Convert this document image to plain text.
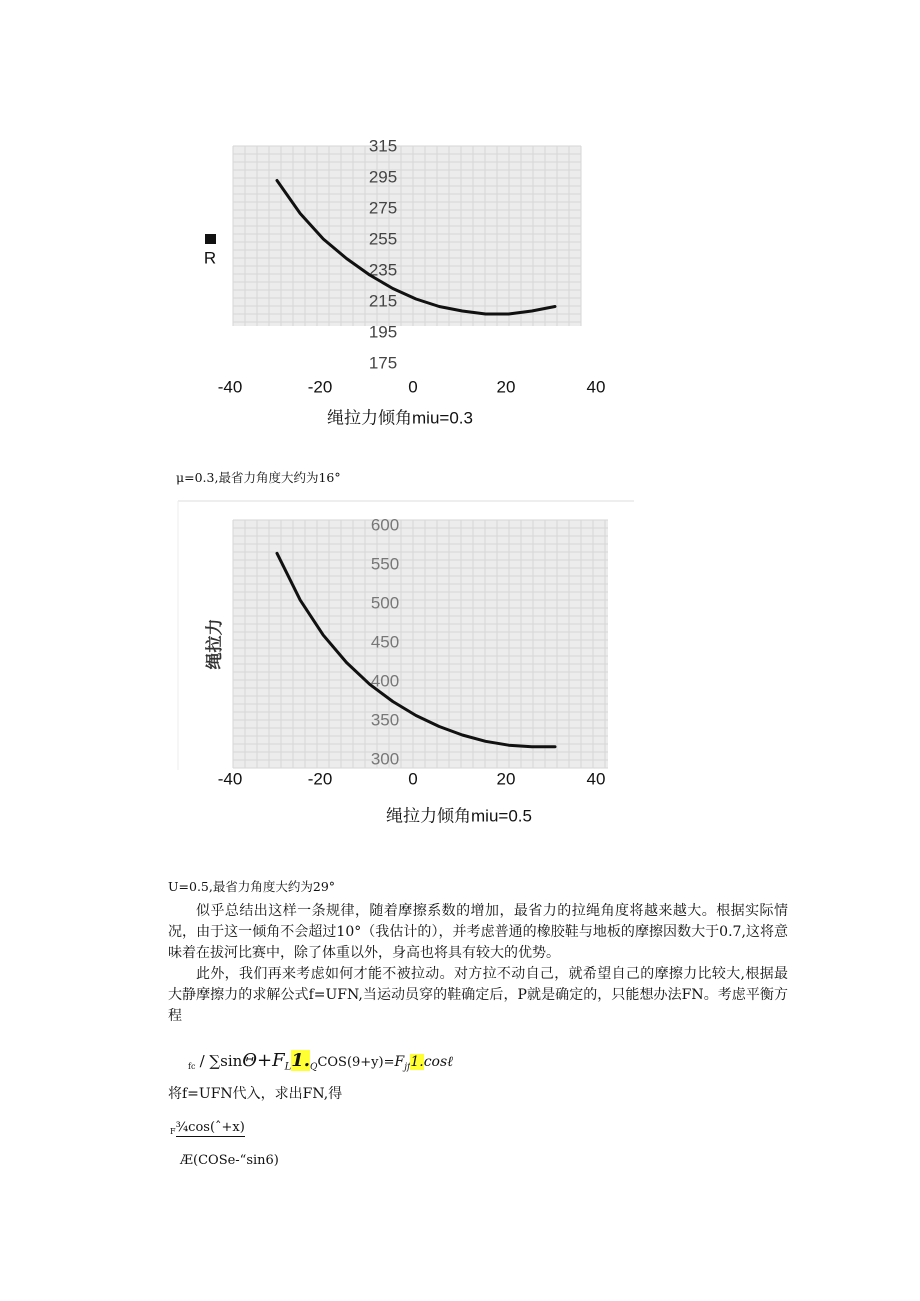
315
295
275
255
235
215
195
175
-40	-20	0	20	40
绳拉力倾角miu=0.3
R
600
550
500
450
400
350
300
-40	-20	0	20	40
绳拉力倾角miu=0.5
绳拉力
μ=0.3,最省力角度大约为16°
U=0.5,最省力角度大约为29°

似乎总结出这样一条规律，随着摩擦系数的增加，最省力的拉绳角度将越来越大。根据实际情况，由于这一倾角不会超过10°（我估计的），并考虑普通的橡胶鞋与地板的摩擦因数大于0.7,这将意味着在拔河比赛中，除了体重以外，身高也将具有较大的优势。

此外，我们再来考虑如何才能不被拉动。对方拉不动自己，就希望自己的摩擦力比较大,根据最大静摩擦力的求解公式f=UFN,当运动员穿的鞋确定后，P就是确定的，只能想办法FN。考虑平衡方程

$_{fc} / \sum\sin\Theta+F_L1._QCOS(9+y)=F_{jf}1.\cos\ell$
将f=UFN代入，求出FN,得
$_F$¾cos(ˆ+x)
Æ(COSe-“sin6)
